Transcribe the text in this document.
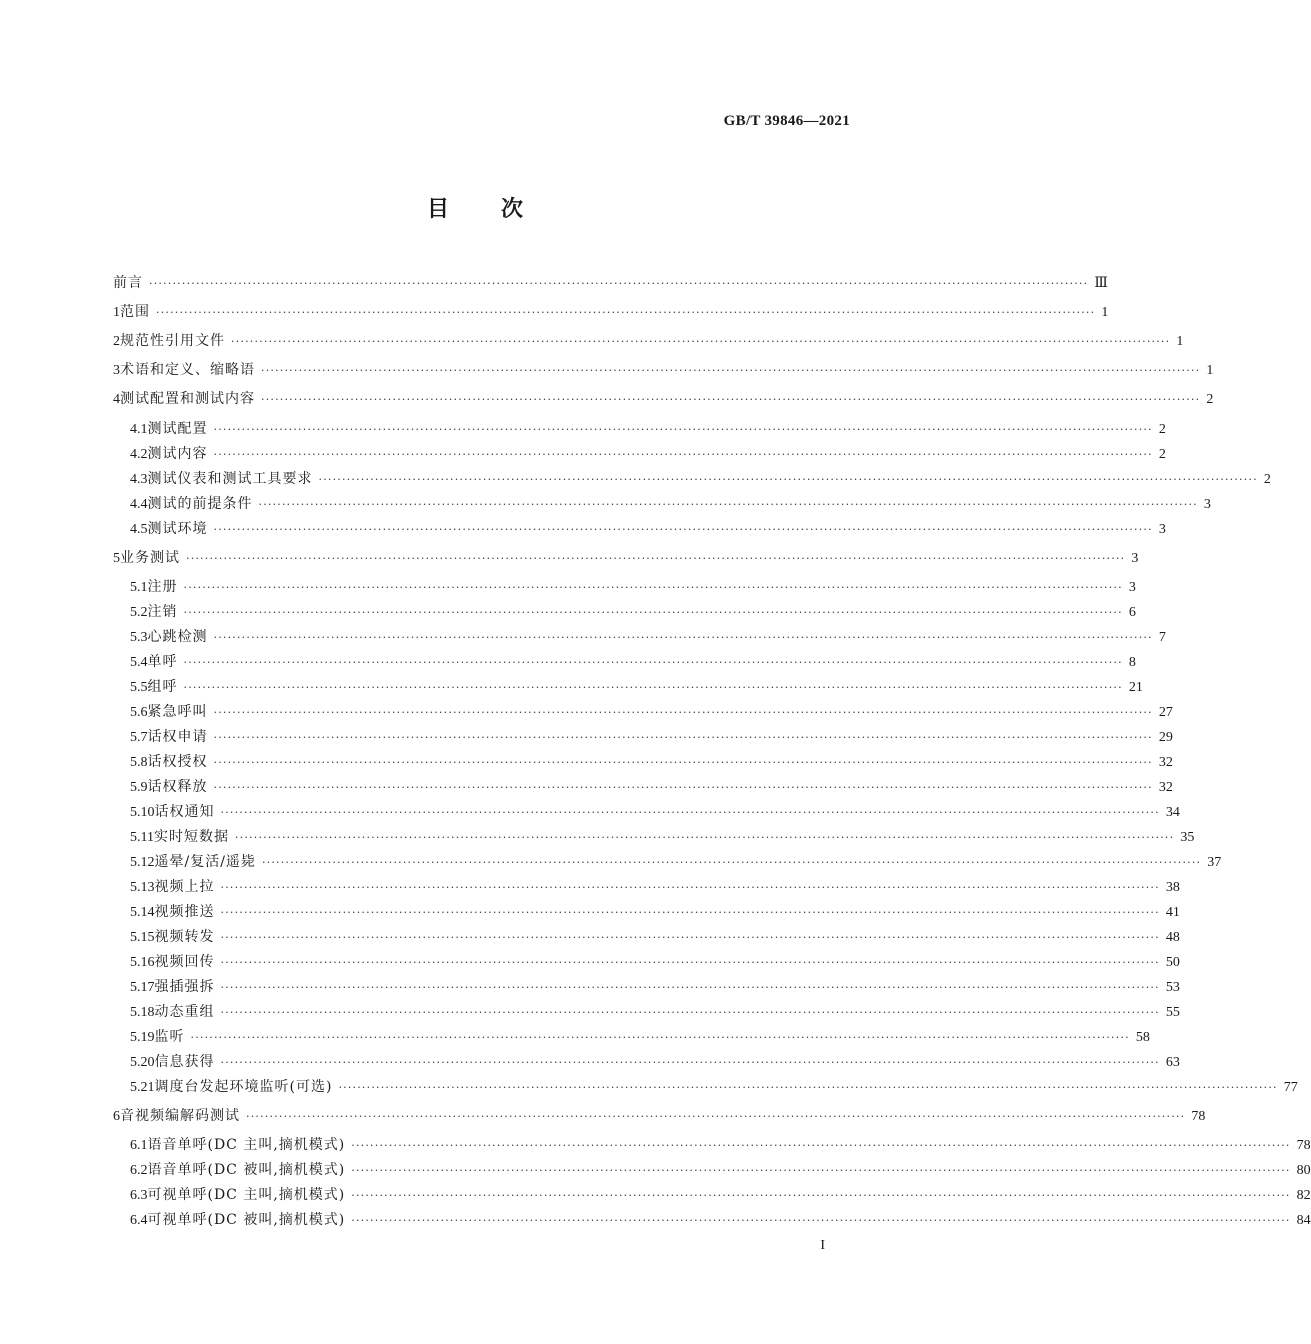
GB/T 39846—2021
目 次
前言 ········································································································································································································ Ⅲ
1 范围 ········································································································································································································ 1
2 规范性引用文件 ········································································································································································································ 1
3 术语和定义、缩略语 ········································································································································································································ 1
4 测试配置和测试内容 ········································································································································································································ 2
4.1 测试配置 ········································································································································································································ 2
4.2 测试内容 ········································································································································································································ 2
4.3 测试仪表和测试工具要求 ········································································································································································································ 2
4.4 测试的前提条件 ········································································································································································································ 3
4.5 测试环境 ········································································································································································································ 3
5 业务测试 ········································································································································································································ 3
5.1 注册 ········································································································································································································ 3
5.2 注销 ········································································································································································································ 6
5.3 心跳检测 ········································································································································································································ 7
5.4 单呼 ········································································································································································································ 8
5.5 组呼 ········································································································································································································ 21
5.6 紧急呼叫 ········································································································································································································ 27
5.7 话权申请 ········································································································································································································ 29
5.8 话权授权 ········································································································································································································ 32
5.9 话权释放 ········································································································································································································ 32
5.10 话权通知 ········································································································································································································ 34
5.11 实时短数据 ········································································································································································································ 35
5.12 遥晕/复活/遥毙 ········································································································································································································ 37
5.13 视频上拉 ········································································································································································································ 38
5.14 视频推送 ········································································································································································································ 41
5.15 视频转发 ········································································································································································································ 48
5.16 视频回传 ········································································································································································································ 50
5.17 强插强拆 ········································································································································································································ 53
5.18 动态重组 ········································································································································································································ 55
5.19 监听 ········································································································································································································ 58
5.20 信息获得 ········································································································································································································ 63
5.21 调度台发起环境监听(可选) ········································································································································································································ 77
6 音视频编解码测试 ········································································································································································································ 78
6.1 语音单呼(DC 主叫,摘机模式) ········································································································································································································ 78
6.2 语音单呼(DC 被叫,摘机模式) ········································································································································································································ 80
6.3 可视单呼(DC 主叫,摘机模式) ········································································································································································································ 82
6.4 可视单呼(DC 被叫,摘机模式) ········································································································································································································ 84
I
